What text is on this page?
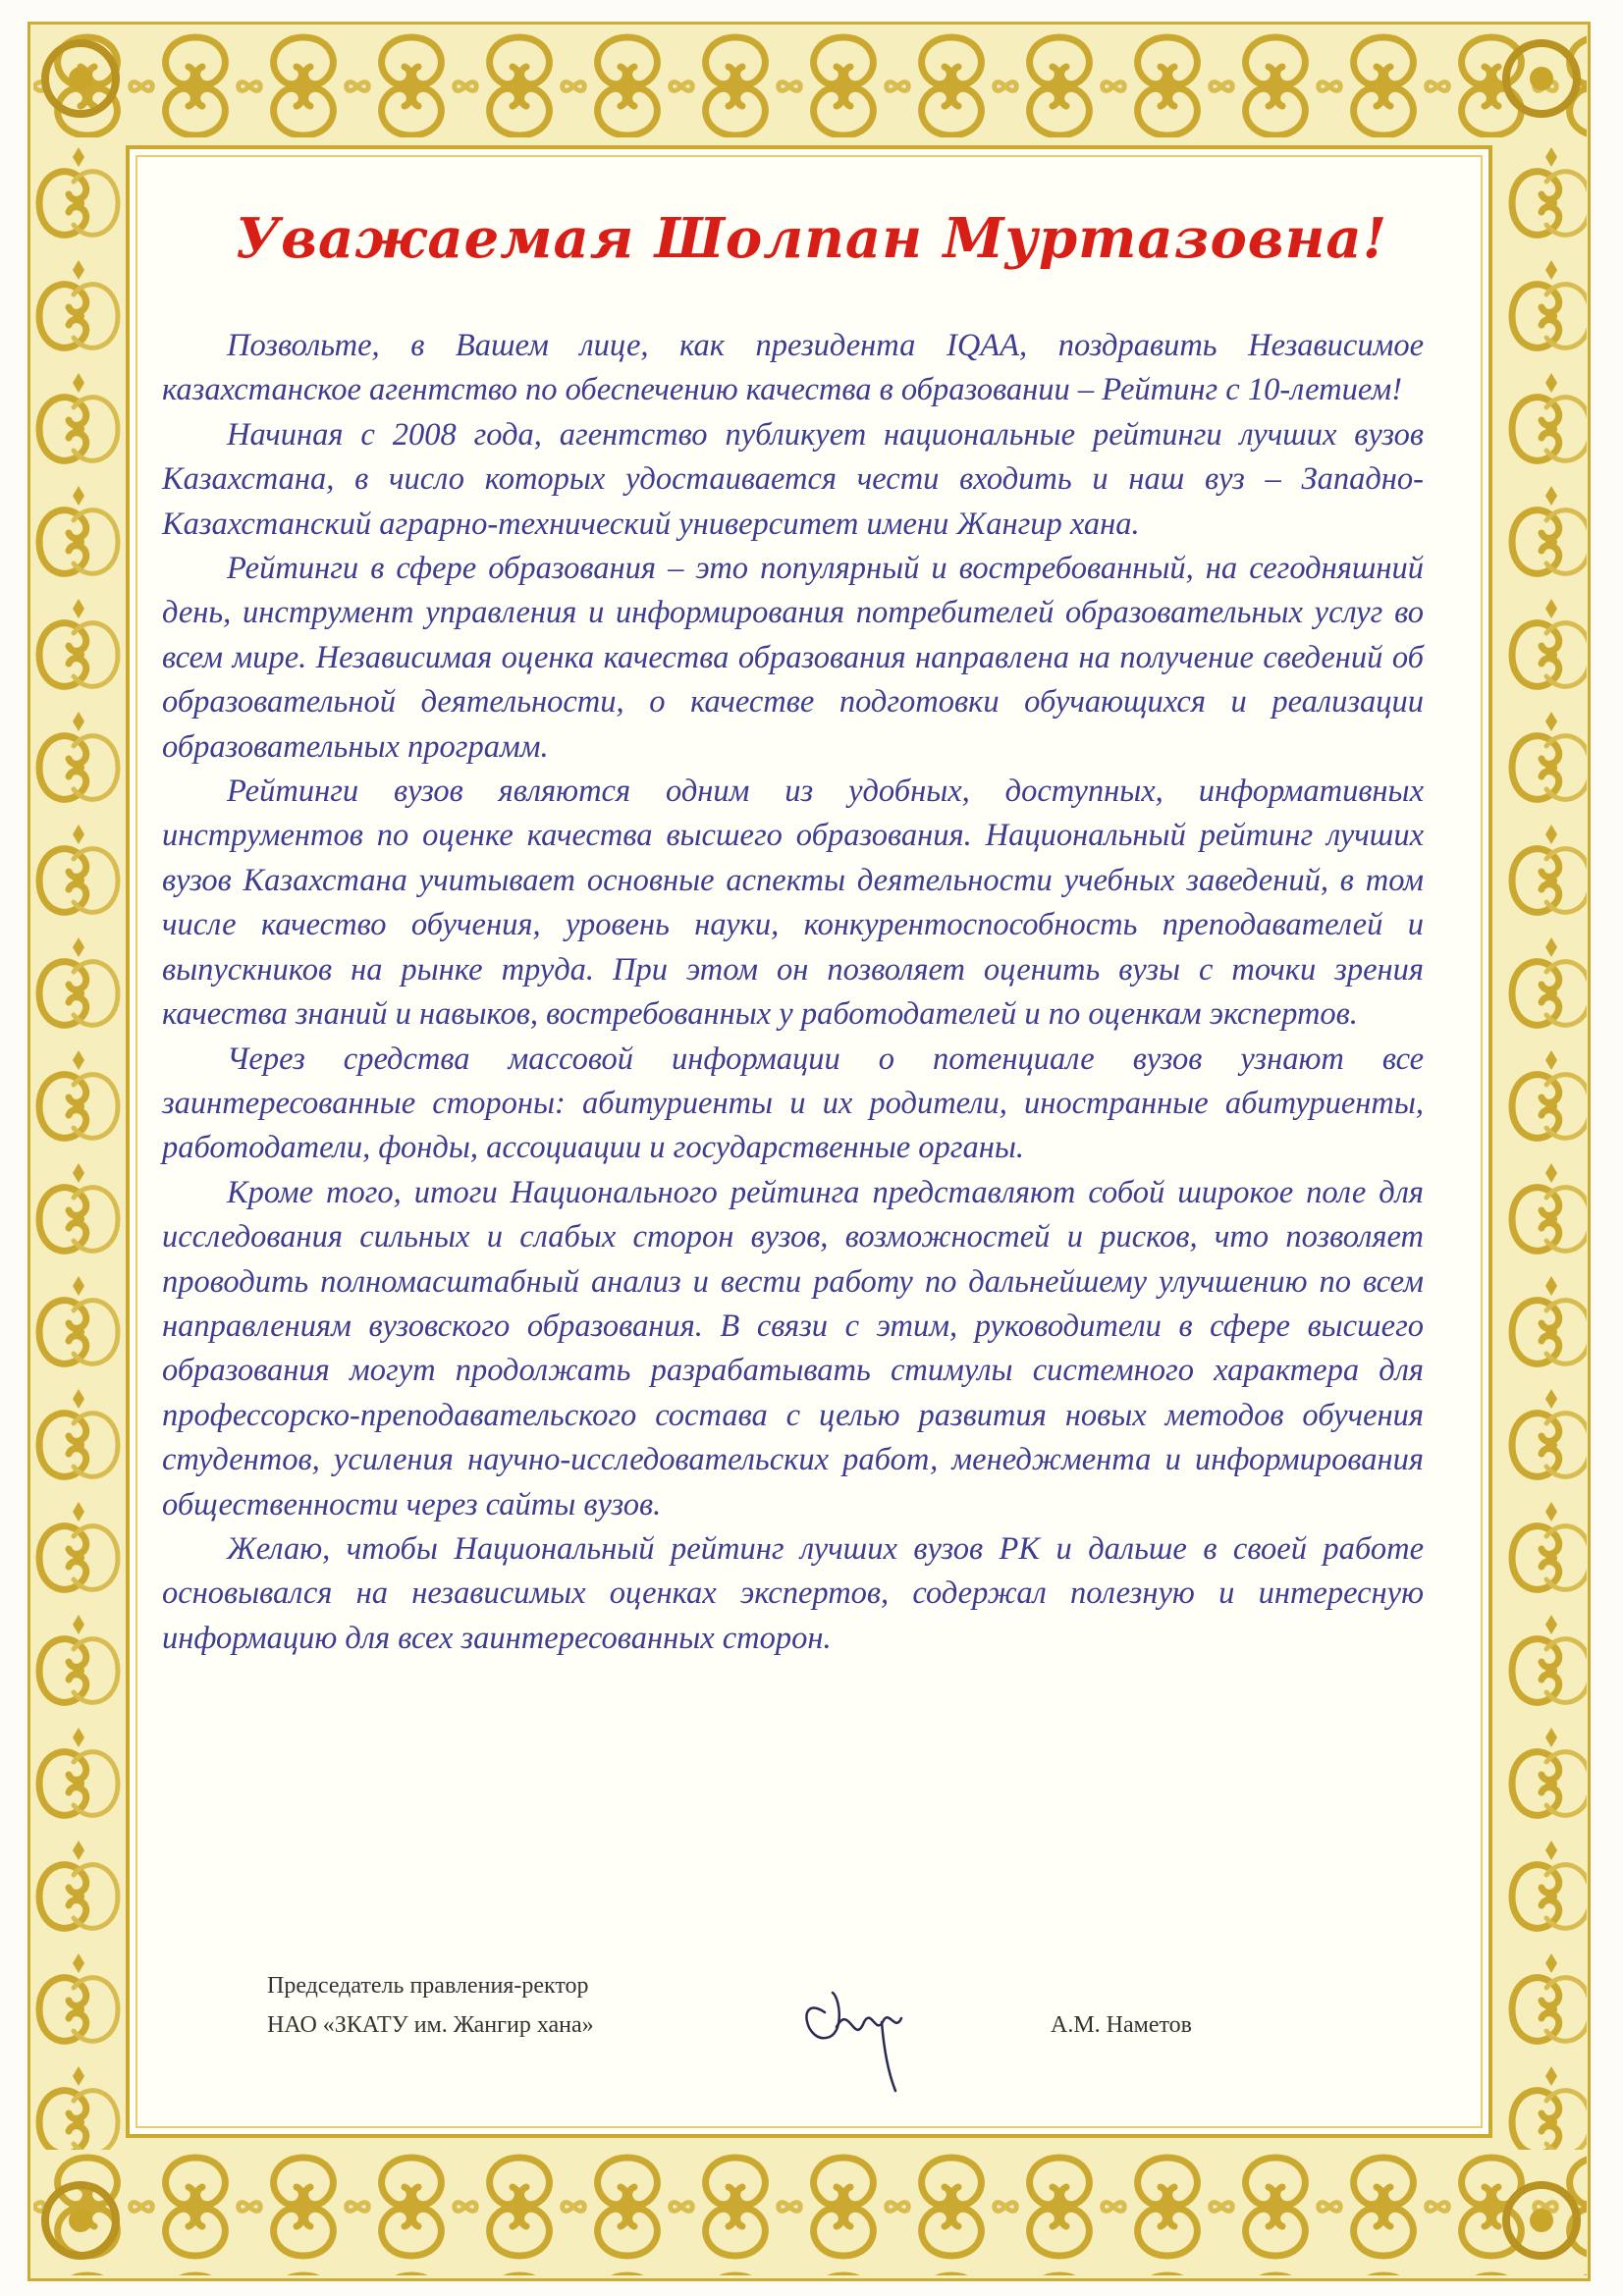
Уважаемая Шолпан Муртазовна!

Позвольте, в Вашем лице, как президента IQAA, поздравить Независимое казахстанское агентство по обеспечению качества в образовании – Рейтинг с 10-летием!

Начиная с 2008 года, агентство публикует национальные рейтинги лучших вузов Казахстана, в число которых удостаивается чести входить и наш вуз – Западно-Казахстанский аграрно-технический университет имени Жангир хана.

Рейтинги в сфере образования – это популярный и востребованный, на сегодняшний день, инструмент управления и информирования потребителей образовательных услуг во всем мире. Независимая оценка качества образования направлена на получение сведений об образовательной деятельности, о качестве подготовки обучающихся и реализации образовательных программ.

Рейтинги вузов являются одним из удобных, доступных, информативных инструментов по оценке качества высшего образования. Национальный рейтинг лучших вузов Казахстана учитывает основные аспекты деятельности учебных заведений, в том числе качество обучения, уровень науки, конкурентоспособность преподавателей и выпускников на рынке труда. При этом он позволяет оценить вузы с точки зрения качества знаний и навыков, востребованных у работодателей и по оценкам экспертов.

Через средства массовой информации о потенциале вузов узнают все заинтересованные стороны: абитуриенты и их родители, иностранные абитуриенты, работодатели, фонды, ассоциации и государственные органы.

Кроме того, итоги Национального рейтинга представляют собой широкое поле для исследования сильных и слабых сторон вузов, возможностей и рисков, что позволяет проводить полномасштабный анализ и вести работу по дальнейшему улучшению по всем направлениям вузовского образования. В связи с этим, руководители в сфере высшего образования могут продолжать разрабатывать стимулы системного характера для профессорско-преподавательского состава с целью развития новых методов обучения студентов, усиления научно-исследовательских работ, менеджмента и информирования общественности через сайты вузов.

Желаю, чтобы Национальный рейтинг лучших вузов РК и дальше в своей работе основывался на независимых оценках экспертов, содержал полезную и интересную информацию для всех заинтересованных сторон.

Председатель правления-ректор
НАО «ЗКАТУ им. Жангир хана»	А.М. Наметов
